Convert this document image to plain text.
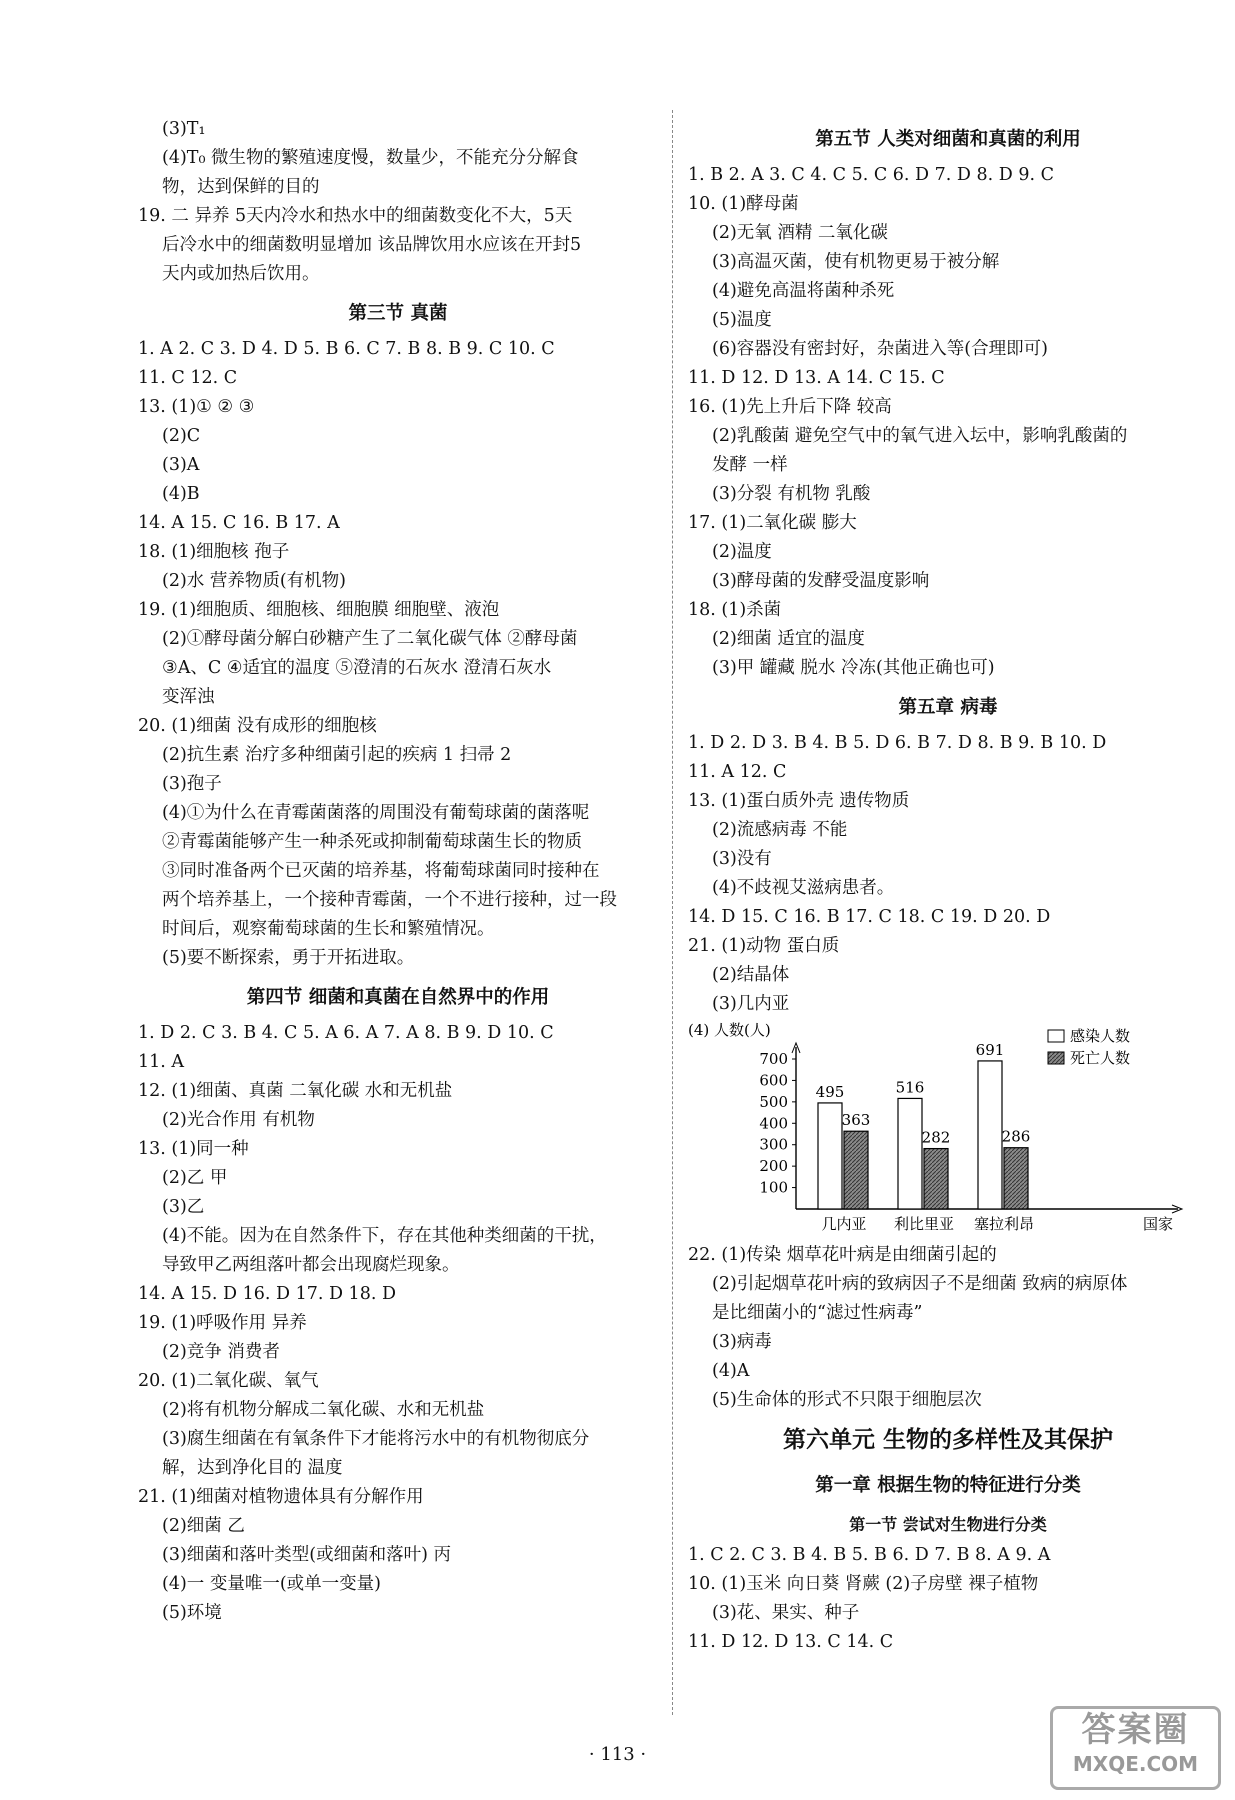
(3)T₁
(4)T₀ 微生物的繁殖速度慢，数量少，不能充分分解食
物，达到保鲜的目的
19. 二 异养 5天内冷水和热水中的细菌数变化不大，5天
后冷水中的细菌数明显增加 该品牌饮用水应该在开封5
天内或加热后饮用。
第三节 真菌
1. A 2. C 3. D 4. D 5. B 6. C 7. B 8. B 9. C 10. C
11. C 12. C
13. (1)① ② ③
(2)C
(3)A
(4)B
14. A 15. C 16. B 17. A
18. (1)细胞核 孢子
(2)水 营养物质(有机物)
19. (1)细胞质、细胞核、细胞膜 细胞壁、液泡
(2)①酵母菌分解白砂糖产生了二氧化碳气体 ②酵母菌
③A、C ④适宜的温度 ⑤澄清的石灰水 澄清石灰水
变浑浊
20. (1)细菌 没有成形的细胞核
(2)抗生素 治疗多种细菌引起的疾病 1 扫帚 2
(3)孢子
(4)①为什么在青霉菌菌落的周围没有葡萄球菌的菌落呢
②青霉菌能够产生一种杀死或抑制葡萄球菌生长的物质
③同时准备两个已灭菌的培养基，将葡萄球菌同时接种在
两个培养基上，一个接种青霉菌，一个不进行接种，过一段
时间后，观察葡萄球菌的生长和繁殖情况。
(5)要不断探索，勇于开拓进取。
第四节 细菌和真菌在自然界中的作用
1. D 2. C 3. B 4. C 5. A 6. A 7. A 8. B 9. D 10. C
11. A
12. (1)细菌、真菌 二氧化碳 水和无机盐
(2)光合作用 有机物
13. (1)同一种
(2)乙 甲
(3)乙
(4)不能。因为在自然条件下，存在其他种类细菌的干扰，
导致甲乙两组落叶都会出现腐烂现象。
14. A 15. D 16. D 17. D 18. D
19. (1)呼吸作用 异养
(2)竞争 消费者
20. (1)二氧化碳、氧气
(2)将有机物分解成二氧化碳、水和无机盐
(3)腐生细菌在有氧条件下才能将污水中的有机物彻底分
解，达到净化目的 温度
21. (1)细菌对植物遗体具有分解作用
(2)细菌 乙
(3)细菌和落叶类型(或细菌和落叶) 丙
(4)一 变量唯一(或单一变量)
(5)环境
第五节 人类对细菌和真菌的利用
1. B 2. A 3. C 4. C 5. C 6. D 7. D 8. D 9. C
10. (1)酵母菌
(2)无氧 酒精 二氧化碳
(3)高温灭菌，使有机物更易于被分解
(4)避免高温将菌种杀死
(5)温度
(6)容器没有密封好，杂菌进入等(合理即可)
11. D 12. D 13. A 14. C 15. C
16. (1)先上升后下降 较高
(2)乳酸菌 避免空气中的氧气进入坛中，影响乳酸菌的
发酵 一样
(3)分裂 有机物 乳酸
17. (1)二氧化碳 膨大
(2)温度
(3)酵母菌的发酵受温度影响
18. (1)杀菌
(2)细菌 适宜的温度
(3)甲 罐藏 脱水 冷冻(其他正确也可)
第五章 病毒
1. D 2. D 3. B 4. B 5. D 6. B 7. D 8. B 9. B 10. D
11. A 12. C
13. (1)蛋白质外壳 遗传物质
(2)流感病毒 不能
(3)没有
(4)不歧视艾滋病患者。
14. D 15. C 16. B 17. C 18. C 19. D 20. D
21. (1)动物 蛋白质
(2)结晶体
(3)几内亚
(4) 人数(人)
100
200
300
400
500
600
700
495
363
几内亚
516
282
利比里亚
691
286
塞拉利昂	国家
感染人数
死亡人数
22. (1)传染 烟草花叶病是由细菌引起的
(2)引起烟草花叶病的致病因子不是细菌 致病的病原体
是比细菌小的“滤过性病毒”
(3)病毒
(4)A
(5)生命体的形式不只限于细胞层次
第六单元 生物的多样性及其保护
第一章 根据生物的特征进行分类
第一节 尝试对生物进行分类
1. C 2. C 3. B 4. B 5. B 6. D 7. B 8. A 9. A
10. (1)玉米 向日葵 肾蕨 (2)子房壁 裸子植物
(3)花、果实、种子
11. D 12. D 13. C 14. C
· 113 ·
答案圈
MXQE.COM
